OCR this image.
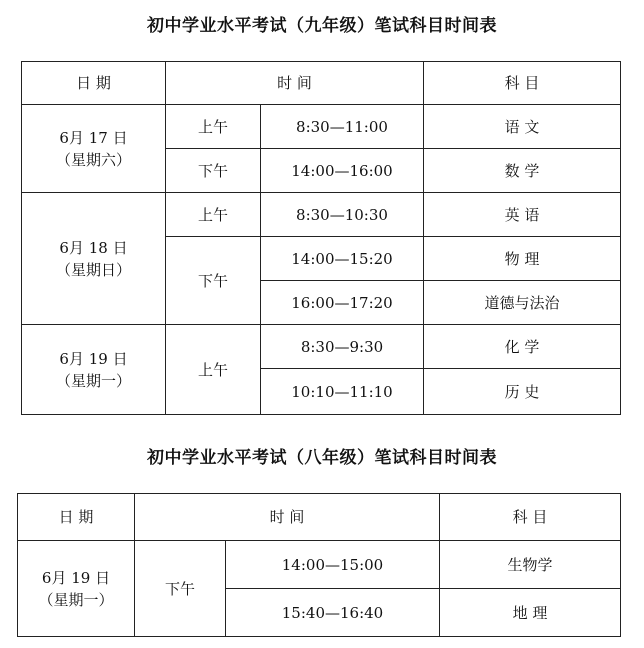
初中学业水平考试（九年级）笔试科目时间表
日 期	时 间		科 目

6月 17 日
（星期六）	上午	8:30—11:00	语 文
	下午	14:00—16:00	数 学

6月 18 日
（星期日）	上午	8:30—10:30	英 语
	下午	14:00—15:20	物 理
		16:00—17:20	道德与法治

6月 19 日
（星期一）	上午	8:30—9:30	化 学
		10:10—11:10	历 史
初中学业水平考试（八年级）笔试科目时间表
日 期	时 间		科 目

6月 19 日
（星期一）	下午	14:00—15:00	生物学
		15:40—16:40	地 理
